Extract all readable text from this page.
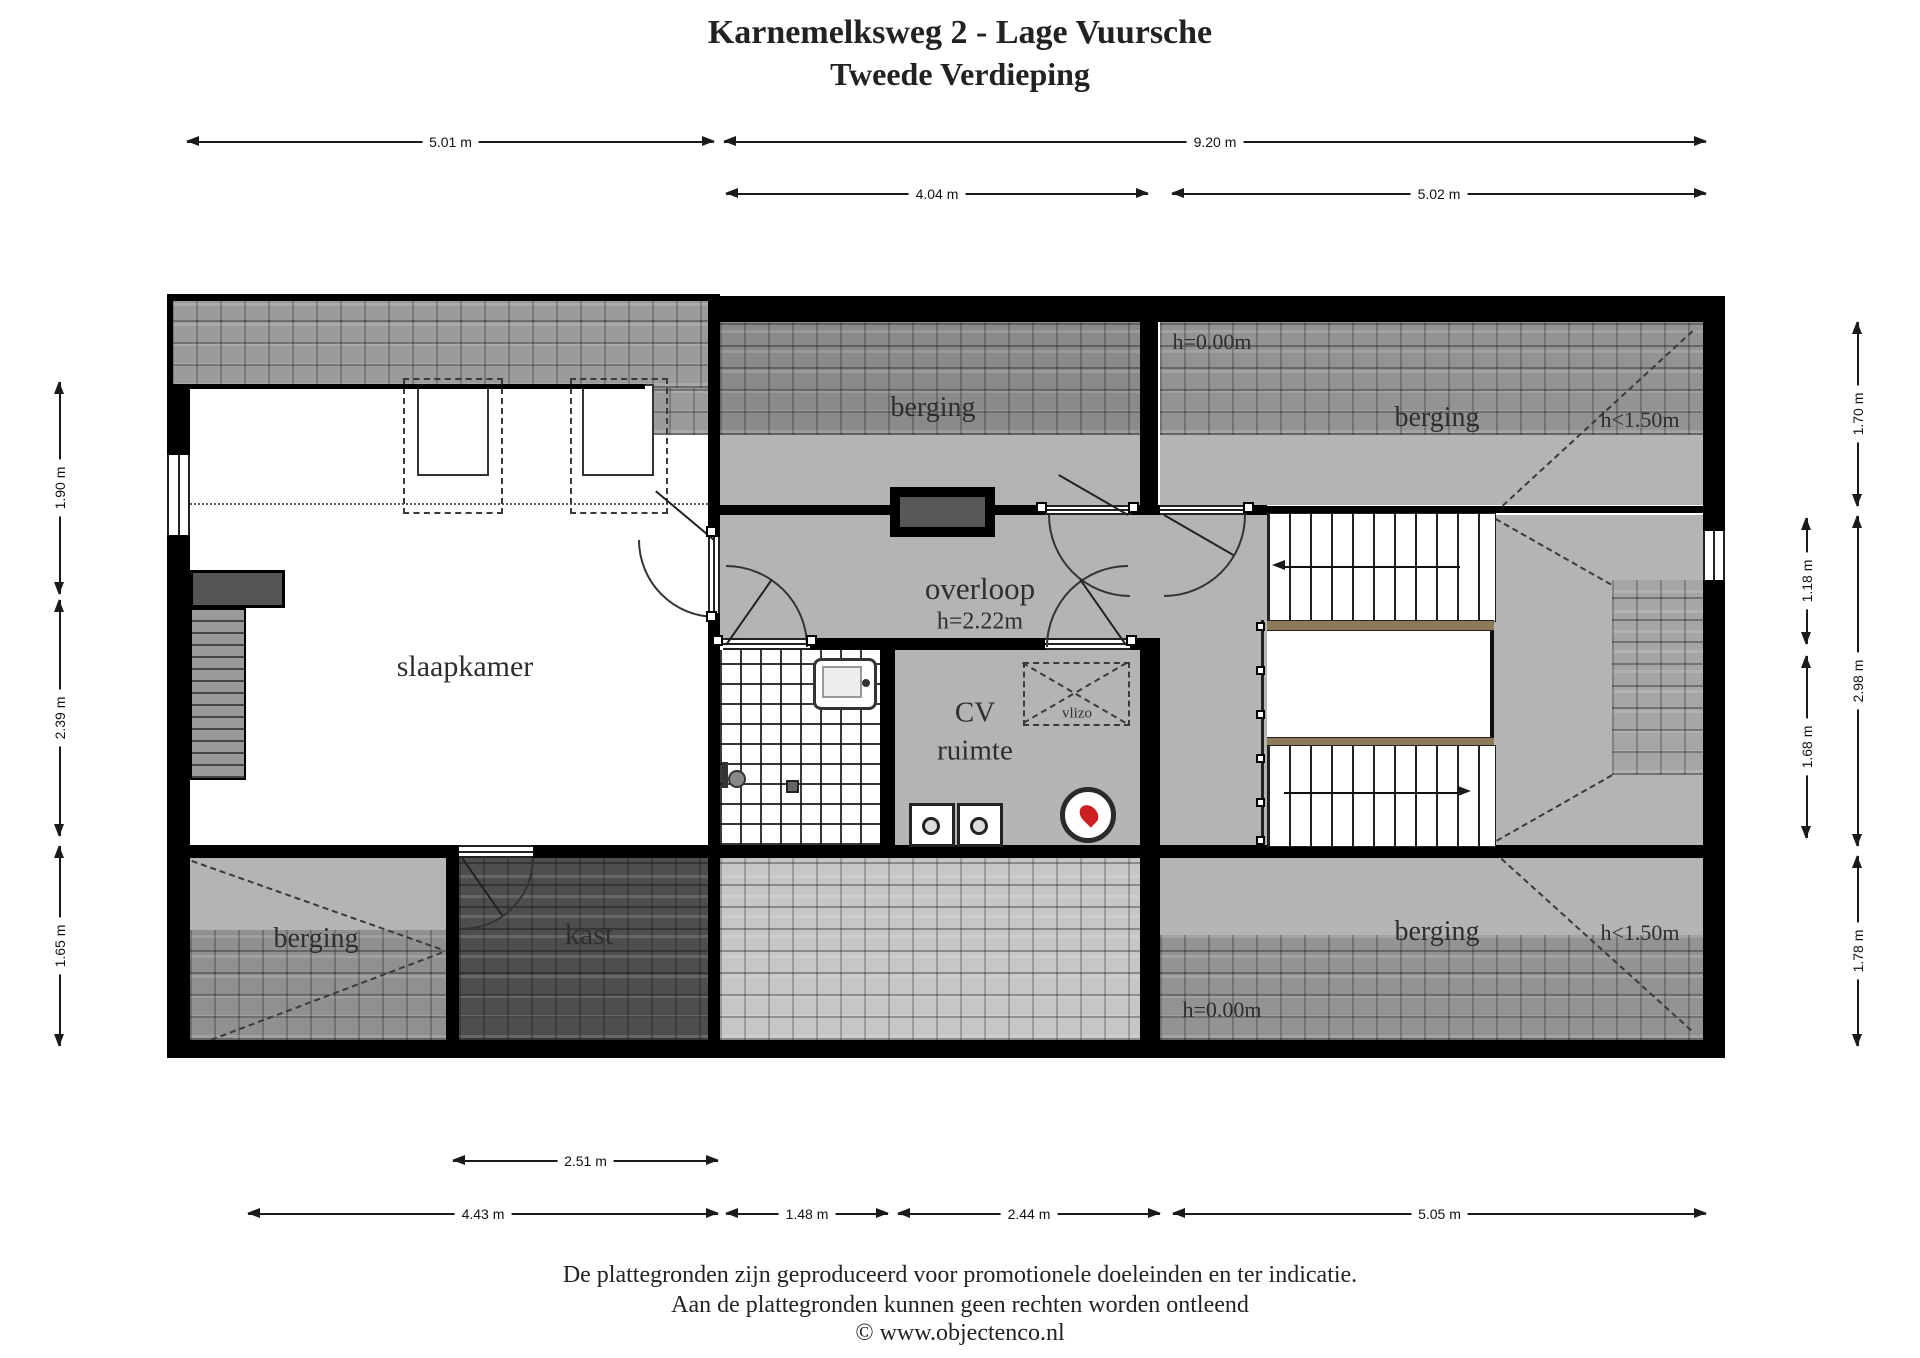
Karnemelksweg 2 - Lage Vuursche
Tweede Verdieping
slaapkamer
kast
berging
berging	berging
berging
overloop
h=2.22m
h=0.00m
h<1.50m
h<1.50m
h=0.00m
CV
ruimte
vlizo
5.01 m	9.20 m
4.04 m	5.02 m
1.90 m
2.39 m
1.65 m
1.70 m
2.98 m
1.78 m
1.18 m
1.68 m
2.51 m
4.43 m	1.48 m	2.44 m	5.05 m
De plattegronden zijn geproduceerd voor promotionele doeleinden en ter indicatie.
Aan de plattegronden kunnen geen rechten worden ontleend
© www.objectenco.nl
